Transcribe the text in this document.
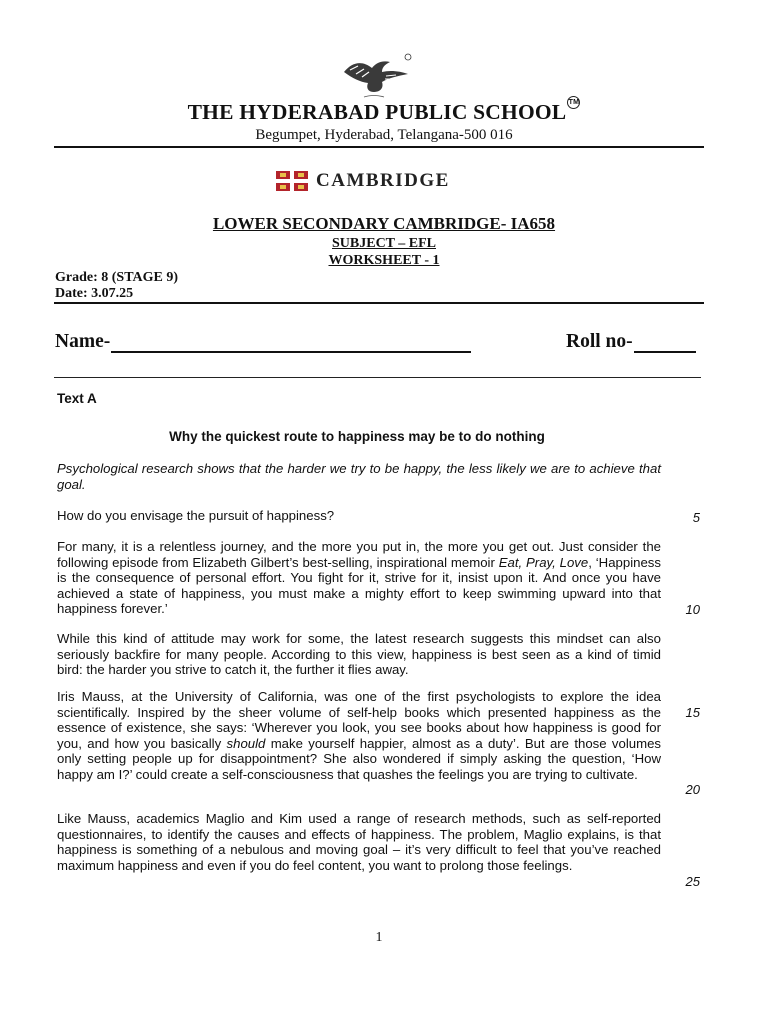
THE HYDERABAD PUBLIC SCHOOL TM
Begumpet, Hyderabad, Telangana-500 016
CAMBRIDGE
LOWER SECONDARY CAMBRIDGE- IA658
SUBJECT – EFL
WORKSHEET - 1
Grade: 8 (STAGE 9)
Date: 3.07.25
Name-	Roll no-
Text A
Why the quickest route to happiness may be to do nothing
Psychological research shows that the harder we try to be happy, the less likely we are to achieve that goal.
How do you envisage the pursuit of happiness?
For many, it is a relentless journey, and the more you put in, the more you get out. Just consider the following episode from Elizabeth Gilbert’s best-selling, inspirational memoir Eat, Pray, Love, ‘Happiness is the consequence of personal effort. You fight for it, strive for it, insist upon it. And once you have achieved a state of happiness, you must make a mighty effort to keep swimming upward into that happiness forever.’
While this kind of attitude may work for some, the latest research suggests this mindset can also seriously backfire for many people. According to this view, happiness is best seen as a kind of timid bird: the harder you strive to catch it, the further it flies away.
Iris Mauss, at the University of California, was one of the first psychologists to explore the idea scientifically. Inspired by the sheer volume of self-help books which presented happiness as the essence of existence, she says: ‘Wherever you look, you see books about how happiness is good for you, and how you basically should make yourself happier, almost as a duty’. But are those volumes only setting people up for disappointment? She also wondered if simply asking the question, ‘How happy am I?’ could create a self-consciousness that quashes the feelings you are trying to cultivate.
Like Mauss, academics Maglio and Kim used a range of research methods, such as self-reported questionnaires, to identify the causes and effects of happiness. The problem, Maglio explains, is that happiness is something of a nebulous and moving goal – it’s very difficult to feel that you’ve reached maximum happiness and even if you do feel content, you want to prolong those feelings.
5
10
15
20
25
1
